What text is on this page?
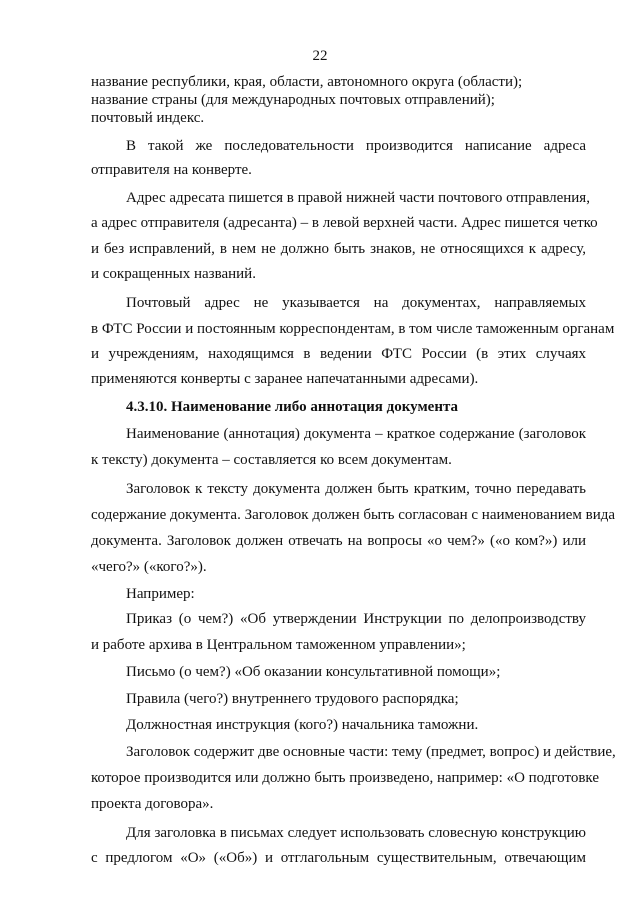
22
название республики, края, области, автономного округа (области);
название страны (для международных почтовых отправлений);
почтовый индекс.
В такой же последовательности производится написание адреса
отправителя на конверте.
Адрес адресата пишется в правой нижней части почтового отправления,
а адрес отправителя (адресанта) – в левой верхней части. Адрес пишется четко
и без исправлений, в нем не должно быть знаков, не относящихся к адресу,
и сокращенных названий.
Почтовый адрес не указывается на документах, направляемых
в ФТС России и постоянным корреспондентам, в том числе таможенным органам
и учреждениям, находящимся в ведении ФТС России (в этих случаях
применяются конверты с заранее напечатанными адресами).
4.3.10. Наименование либо аннотация документа
Наименование (аннотация) документа – краткое содержание (заголовок
к тексту) документа – составляется ко всем документам.
Заголовок к тексту документа должен быть кратким, точно передавать
содержание документа. Заголовок должен быть согласован с наименованием вида
документа. Заголовок должен отвечать на вопросы «о чем?» («о ком?») или
«чего?» («кого?»).
Например:
Приказ (о чем?) «Об утверждении Инструкции по делопроизводству
и работе архива в Центральном таможенном управлении»;
Письмо (о чем?) «Об оказании консультативной помощи»;
Правила (чего?) внутреннего трудового распорядка;
Должностная инструкция (кого?) начальника таможни.
Заголовок содержит две основные части: тему (предмет, вопрос) и действие,
которое производится или должно быть произведено, например: «О подготовке
проекта договора».
Для заголовка в письмах следует использовать словесную конструкцию
с предлогом «О» («Об») и отглагольным существительным, отвечающим
